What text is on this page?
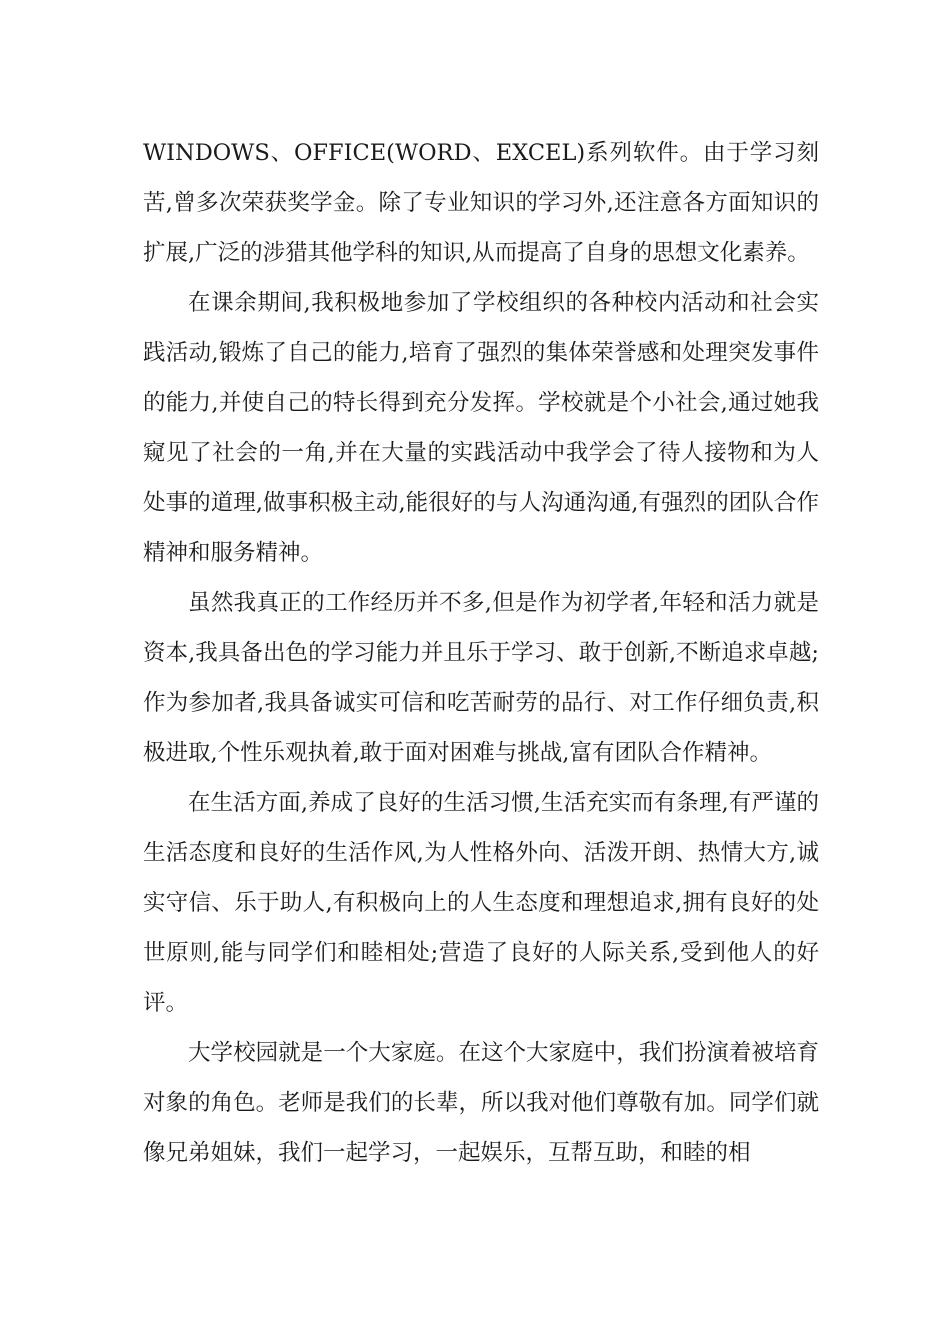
WINDOWS、OFFICE(WORD、EXCEL)系列软件。由于学习刻苦,曾多次荣获奖学金。除了专业知识的学习外,还注意各方面知识的扩展,广泛的涉猎其他学科的知识,从而提高了自身的思想文化素养。

在课余期间,我积极地参加了学校组织的各种校内活动和社会实践活动,锻炼了自己的能力,培育了强烈的集体荣誉感和处理突发事件的能力,并使自己的特长得到充分发挥。学校就是个小社会,通过她我窥见了社会的一角,并在大量的实践活动中我学会了待人接物和为人处事的道理,做事积极主动,能很好的与人沟通沟通,有强烈的团队合作精神和服务精神。

虽然我真正的工作经历并不多,但是作为初学者,年轻和活力就是资本,我具备出色的学习能力并且乐于学习、敢于创新,不断追求卓越;作为参加者,我具备诚实可信和吃苦耐劳的品行、对工作仔细负责,积极进取,个性乐观执着,敢于面对困难与挑战,富有团队合作精神。

在生活方面,养成了良好的生活习惯,生活充实而有条理,有严谨的生活态度和良好的生活作风,为人性格外向、活泼开朗、热情大方,诚实守信、乐于助人,有积极向上的人生态度和理想追求,拥有良好的处世原则,能与同学们和睦相处;营造了良好的人际关系,受到他人的好评。

大学校园就是一个大家庭。在这个大家庭中，我们扮演着被培育对象的角色。老师是我们的长辈，所以我对他们尊敬有加。同学们就像兄弟姐妹，我们一起学习，一起娱乐，互帮互助，和睦的相
